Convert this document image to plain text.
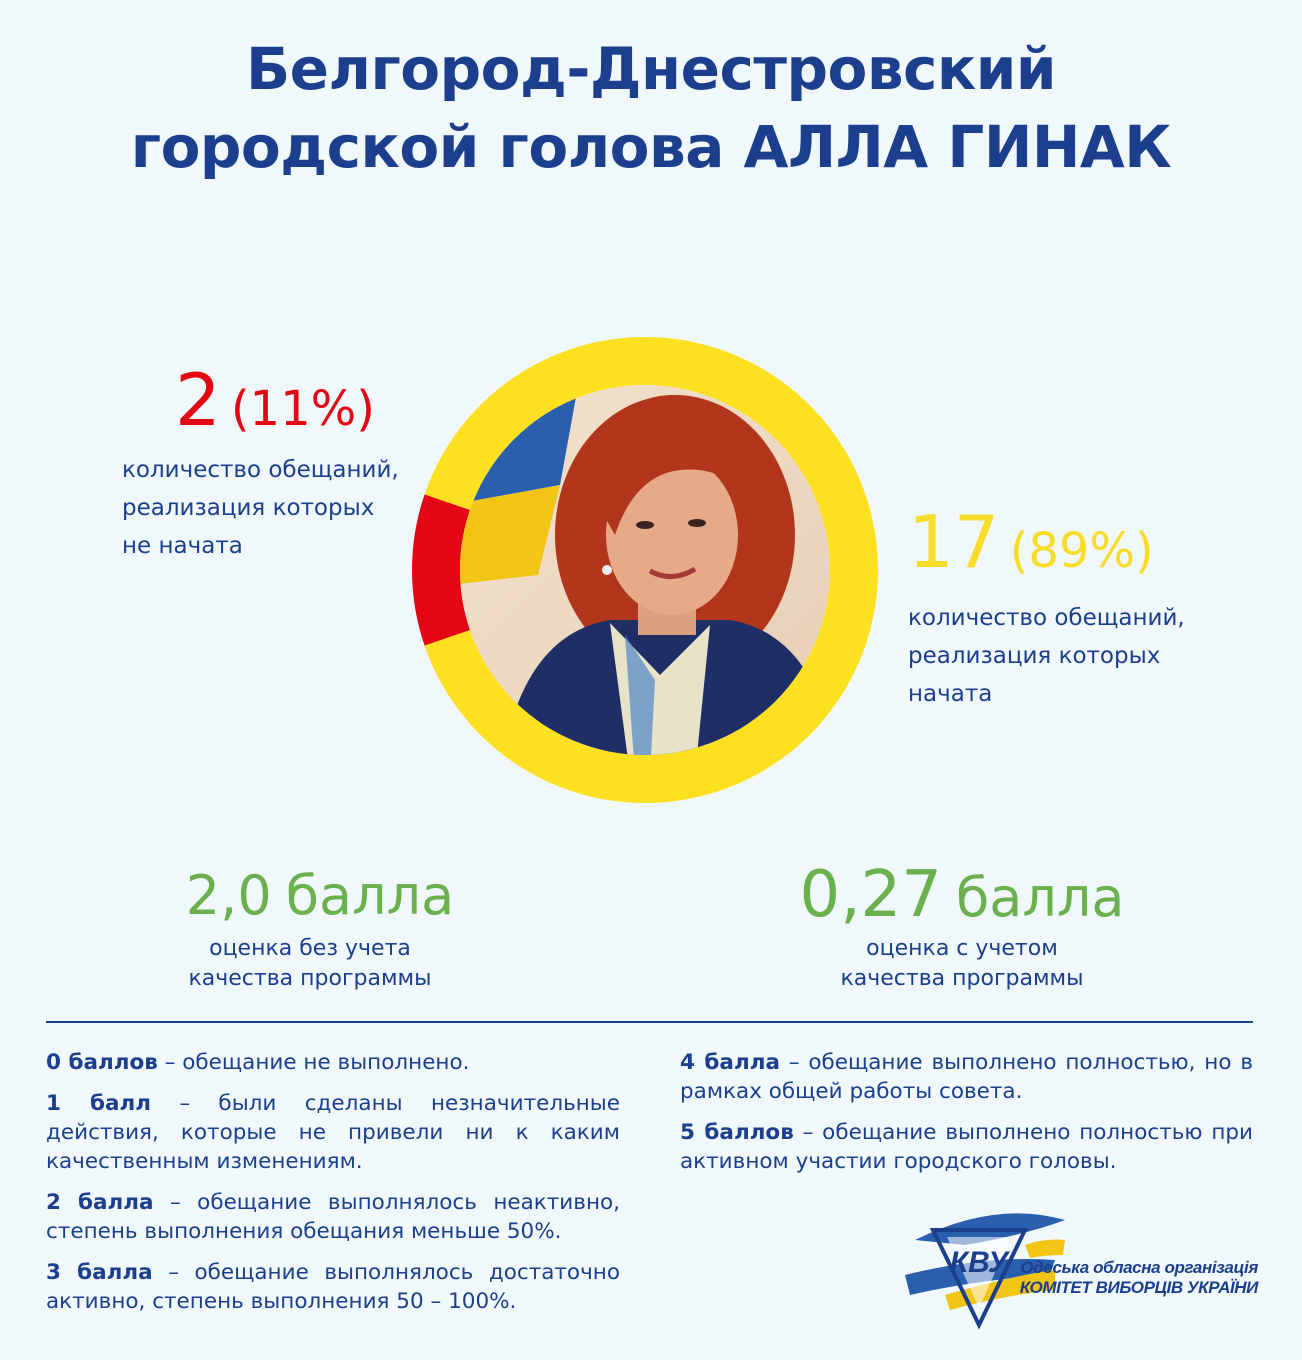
Белгород-Днестровский
городской голова АЛЛА ГИНАК
2 (11%)
количество обещаний,
реализация которых
не начата	17 (89%)
количество обещаний,
реализация которых
начата
2,0 балла
оценка без учета
качества программы
0,27 балла
оценка с учетом
качества программы

0 баллов – обещание не выполнено.

1 балл – были сделаны незначительные действия, которые не привели ни к каким качественным изменениям.

2 балла – обещание выполнялось неактивно, степень выполнения обещания меньше 50%.

3 балла – обещание выполнялось достаточно активно, степень выполнения 50 – 100%.

4 балла – обещание выполнено полностью, но в рамках общей работы совета.

5 баллов – обещание выполнено полностью при активном участии городского головы.

КВУ Одеська обласна організація
КОМІТЕТ ВИБОРЦІВ УКРАЇНИ
